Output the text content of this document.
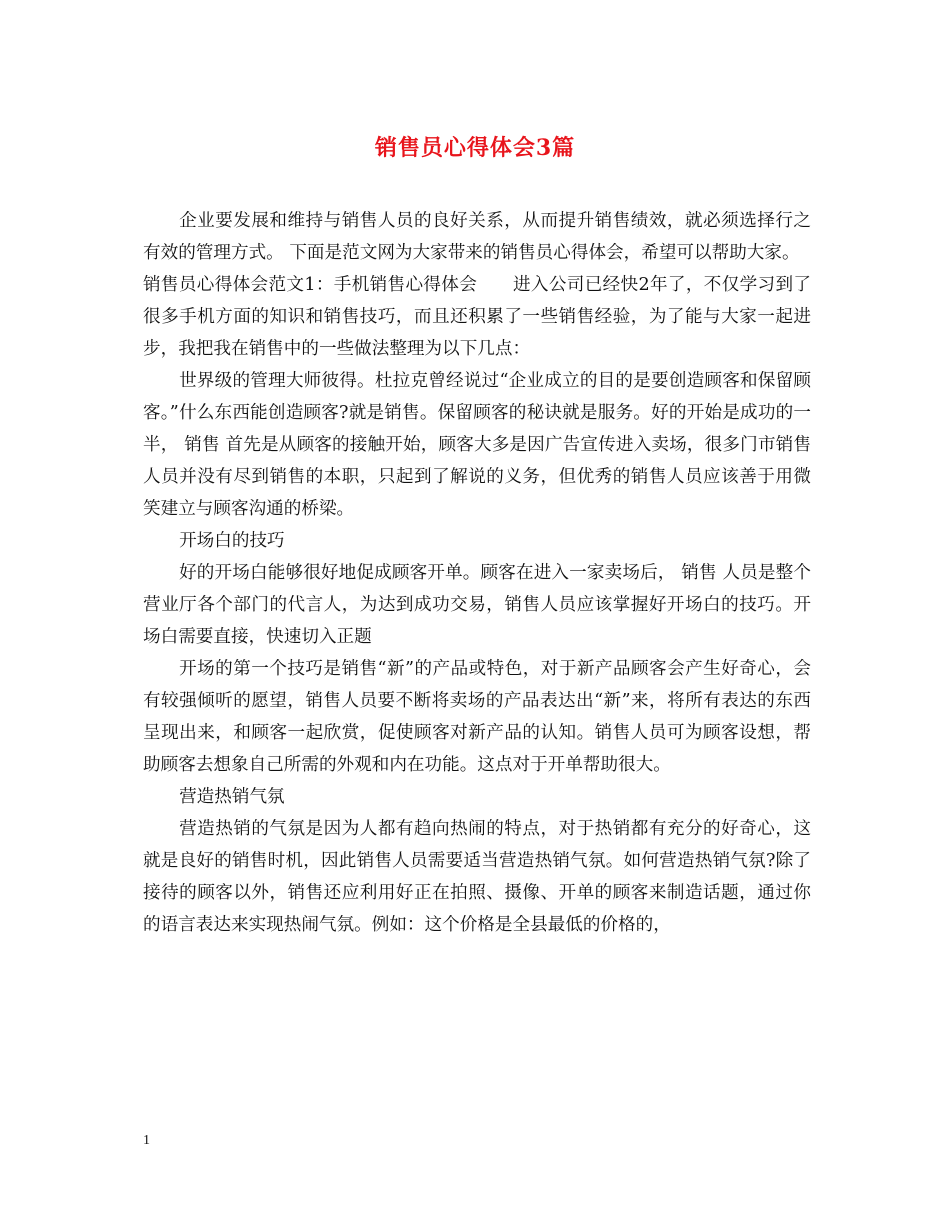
销售员心得体会3篇

企业要发展和维持与销售人员的良好关系，从而提升销售绩效，就必须选择行之有效的管理方式。 下面是范文网为大家带来的销售员心得体会，希望可以帮助大家。

销售员心得体会范文1：手机销售心得体会　　进入公司已经快2年了，不仅学习到了很多手机方面的知识和销售技巧，而且还积累了一些销售经验，为了能与大家一起进步，我把我在销售中的一些做法整理为以下几点：

世界级的管理大师彼得。杜拉克曾经说过“企业成立的目的是要创造顾客和保留顾客。”什么东西能创造顾客?就是销售。保留顾客的秘诀就是服务。好的开始是成功的一半， 销售 首先是从顾客的接触开始，顾客大多是因广告宣传进入卖场，很多门市销售人员并没有尽到销售的本职，只起到了解说的义务，但优秀的销售人员应该善于用微笑建立与顾客沟通的桥梁。

开场白的技巧

好的开场白能够很好地促成顾客开单。顾客在进入一家卖场后， 销售 人员是整个营业厅各个部门的代言人，为达到成功交易，销售人员应该掌握好开场白的技巧。开场白需要直接，快速切入正题

开场的第一个技巧是销售“新”的产品或特色，对于新产品顾客会产生好奇心，会有较强倾听的愿望，销售人员要不断将卖场的产品表达出“新”来，将所有表达的东西呈现出来，和顾客一起欣赏，促使顾客对新产品的认知。销售人员可为顾客设想，帮助顾客去想象自己所需的外观和内在功能。这点对于开单帮助很大。

营造热销气氛

营造热销的气氛是因为人都有趋向热闹的特点，对于热销都有充分的好奇心，这就是良好的销售时机，因此销售人员需要适当营造热销气氛。如何营造热销气氛?除了接待的顾客以外，销售还应利用好正在拍照、摄像、开单的顾客来制造话题，通过你的语言表达来实现热闹气氛。例如：这个价格是全县最低的价格的，

1
